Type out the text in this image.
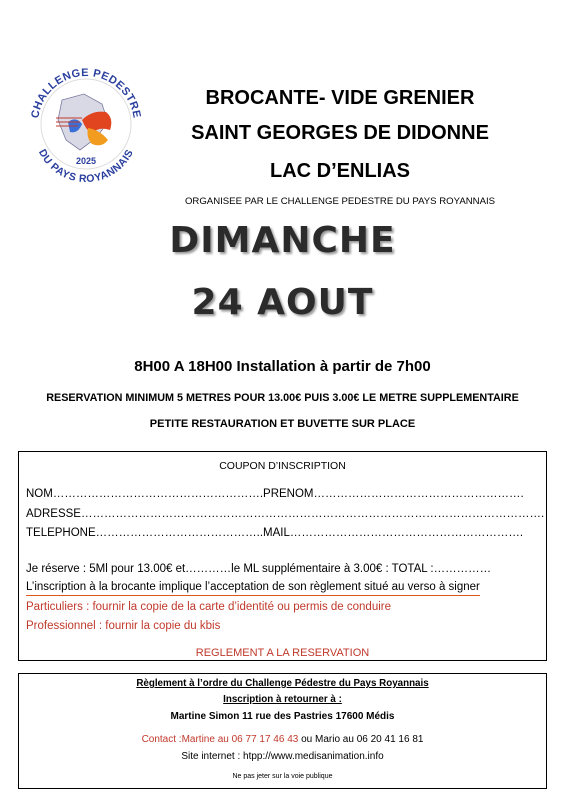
CHALLENGE PEDESTRE
2025
DU PAYS ROYANNAIS
BROCANTE- VIDE GRENIER
SAINT GEORGES DE DIDONNE
LAC D’ENLIAS
ORGANISEE PAR LE CHALLENGE PEDESTRE DU PAYS ROYANNAIS
DIMANCHE
24 AOUT
8H00 A 18H00 Installation à partir de 7h00
RESERVATION MINIMUM 5 METRES POUR 13.00€ PUIS 3.00€ LE METRE SUPPLEMENTAIRE
PETITE RESTAURATION ET BUVETTE SUR PLACE
COUPON D’INSCRIPTION
NOM……………………………………………….PRENOM……………………………………………….
ADRESSE………………………………………………………………………………………………………….
TELEPHONE……………………………………..MAIL…………………………………………………….
Je réserve : 5Ml pour 13.00€ et…………le ML supplémentaire à 3.00€ : TOTAL :……………
L’inscription à la brocante implique l’acceptation de son règlement situé au verso à signer
Particuliers : fournir la copie de la carte d’identité ou permis de conduire
Professionnel : fournir la copie du kbis
REGLEMENT A LA RESERVATION
Règlement à l’ordre du Challenge Pédestre du Pays Royannais
Inscription à retourner à :
Martine Simon 11 rue des Pastries 17600 Médis
Contact :Martine au 06 77 17 46 43 ou Mario au 06 20 41 16 81
Site internet : htpp://www.medisanimation.info
Ne pas jeter sur la voie publique
